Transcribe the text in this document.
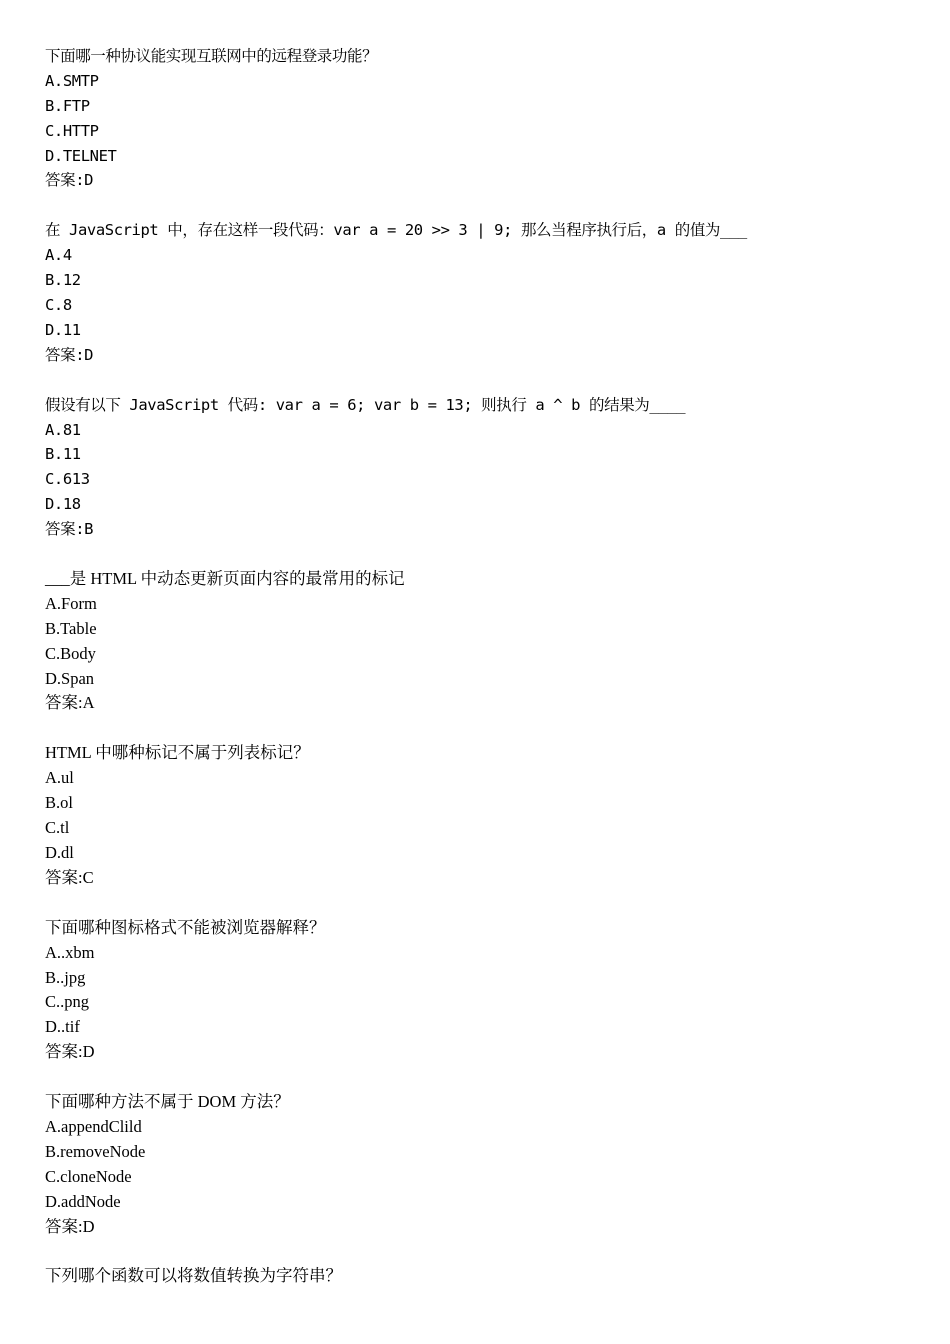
下面哪一种协议能实现互联网中的远程登录功能？
A.SMTP
B.FTP
C.HTTP
D.TELNET
答案:D
在 JavaScript 中，存在这样一段代码：var a = 20 >> 3 | 9; 那么当程序执行后，a 的值为___
A.4
B.12
C.8
D.11
答案:D
假设有以下 JavaScript 代码: var a = 6; var b = 13; 则执行 a ^ b 的结果为____
A.81
B.11
C.613
D.18
答案:B
___是 HTML 中动态更新页面内容的最常用的标记
A.Form
B.Table
C.Body
D.Span
答案:A
HTML 中哪种标记不属于列表标记？
A.ul
B.ol
C.tl
D.dl
答案:C
下面哪种图标格式不能被浏览器解释？
A..xbm
B..jpg
C..png
D..tif
答案:D
下面哪种方法不属于 DOM 方法？
A.appendClild
B.removeNode
C.cloneNode
D.addNode
答案:D
下列哪个函数可以将数值转换为字符串？
